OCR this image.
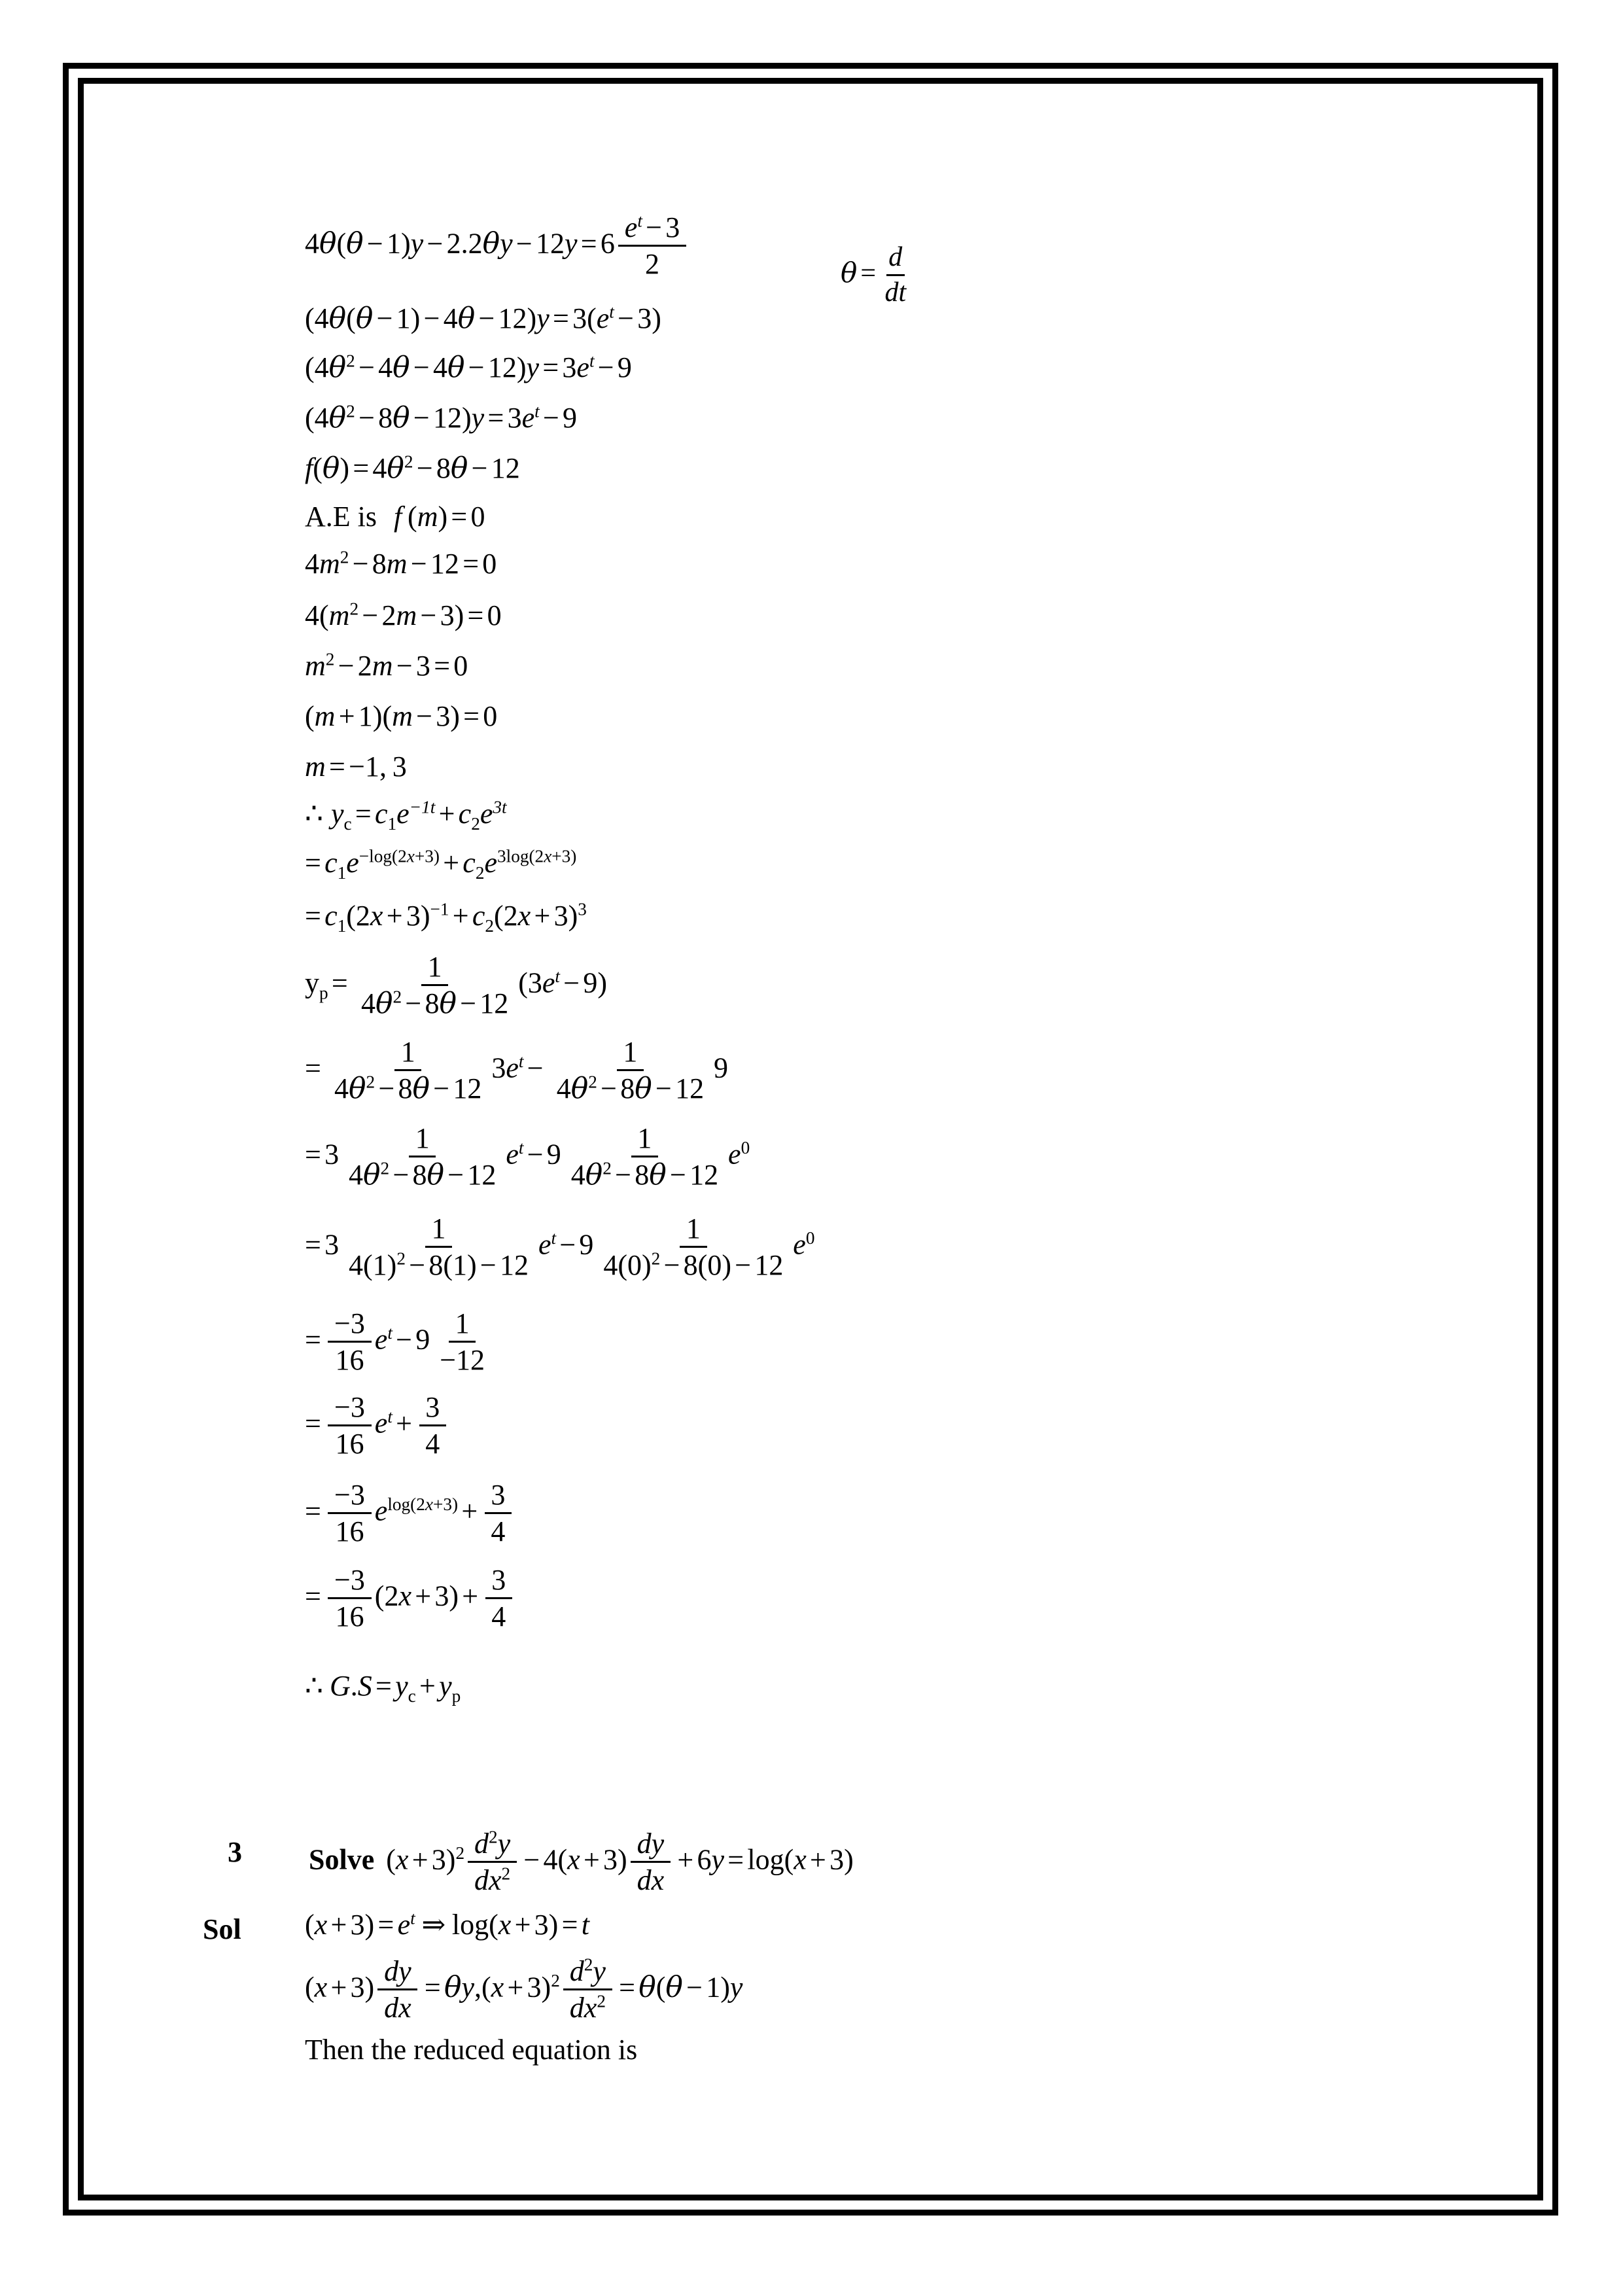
$\theta = \frac{d}{dt}$
$4\theta(\theta - 1)y - 2.2\theta y - 12y = 6 \frac{e^t - 3}{2}$
$(4\theta(\theta - 1) - 4\theta - 12)y = 3(e^t - 3)$
$(4\theta^2 - 4\theta - 4\theta - 12)y = 3e^t - 9$
$(4\theta^2 - 8\theta - 12)y = 3e^t - 9$
$f(\theta) = 4\theta^2 - 8\theta - 12$
A.E is f (m) = 0
$4m^2 - 8m - 12 = 0$
$4(m^2 - 2m - 3) = 0$
$m^2 - 2m - 3 = 0$
(m + 1)(m − 3) = 0
m = −1, 3
∴ $y_c = c_1e^{-1t} + c_2e^{3t}$
= $c_1e^{-log(2x+3)} + c_2e^{3log(2x+3)}$
= $c_1(2x + 3)^{-1} + c_2(2x + 3)^3$
$y_p = \frac{1}{4\theta^2 - 8\theta - 12} (3e^t - 9)$
= $\frac{1}{4\theta^2 - 8\theta - 12} 3e^t - \frac{1}{4\theta^2 - 8\theta - 12} 9$
= $3 \frac{1}{4\theta^2 - 8\theta - 12} e^t - 9 \frac{1}{4\theta^2 - 8\theta - 12} e^0$
= $3 \frac{1}{4(1)^2 - 8(1) - 12} e^t - 9 \frac{1}{4(0)^2 - 8(0) - 12} e^0$
= $\frac{-3}{16} e^t - 9 \frac{1}{-12}$
= $\frac{-3}{16} e^t + \frac{3}{4}$
= $\frac{-3}{16} e^{log(2x+3)} + \frac{3}{4}$
= $\frac{-3}{16} (2x + 3) + \frac{3}{4}$
∴ $G.S = y_c + y_p$
3 Solve $(x + 3)^2 \frac{d^2y}{dx^2} - 4(x + 3) \frac{dy}{dx} + 6y = \log(x + 3)$
Sol $(x + 3) = e^t$ ⇒ log(x + 3) = t
$(x + 3) \frac{dy}{dx} = \theta y,(x + 3)^2 \frac{d^2y}{dx^2} = \theta(\theta - 1)y$
Then the reduced equation is
